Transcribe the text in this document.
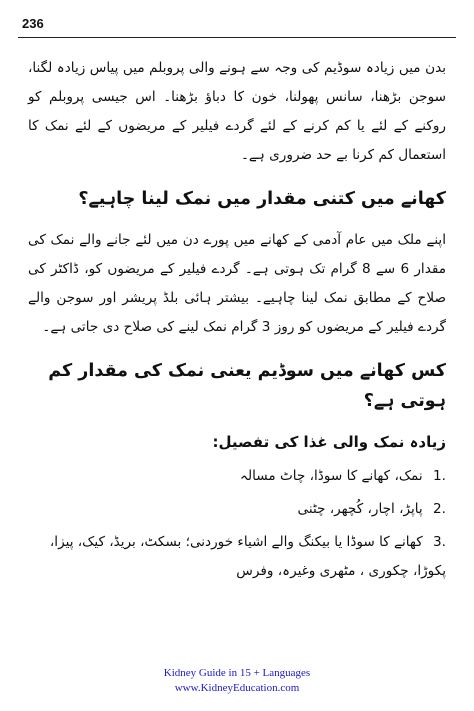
236

بدن میں زیادہ سوڈیم کی وجہ سے ہونے والی پروبلم میں پیاس زیادہ لگنا، سوجن بڑھنا، سانس پھولنا، خون کا دباؤ بڑھنا۔ اس جیسی پروبلم کو روکنے کے لئے یا کم کرنے کے لئے گردے فیلیر کے مریضوں کے لئے نمک کا استعمال کم کرنا بے حد ضروری ہے۔

کھانے میں کتنی مقدار میں نمک لینا چاہیے؟

اپنے ملک میں عام آدمی کے کھانے میں پورے دن میں لئے جانے والے نمک کی مقدار 6 سے 8 گرام تک ہوتی ہے۔ گردے فیلیر کے مریضوں کو، ڈاکٹر کی صلاح کے مطابق نمک لینا چاہیے۔ بیشتر ہائی بلڈ پریشر اور سوجن والے گردے فیلیر کے مریضوں کو روز 3 گرام نمک لینے کی صلاح دی جاتی ہے۔

کس کھانے میں سوڈیم یعنی نمک کی مقدار کم ہوتی ہے؟
زیادہ نمک والی غذا کی تفصیل:
1. نمک، کھانے کا سوڈا، چاٹ مسالہ
2. پاپڑ، اچار، کُچھر، چٹنی
3. کھانے کا سوڈا یا بیکنگ والے اشیاء خوردنی؛ بسکٹ، بریڈ، کیک، پیزا، پکوڑا، چکوری ، مٹھری وغیرہ، وفرس
Kidney Guide in 15 + Languages
www.KidneyEducation.com
